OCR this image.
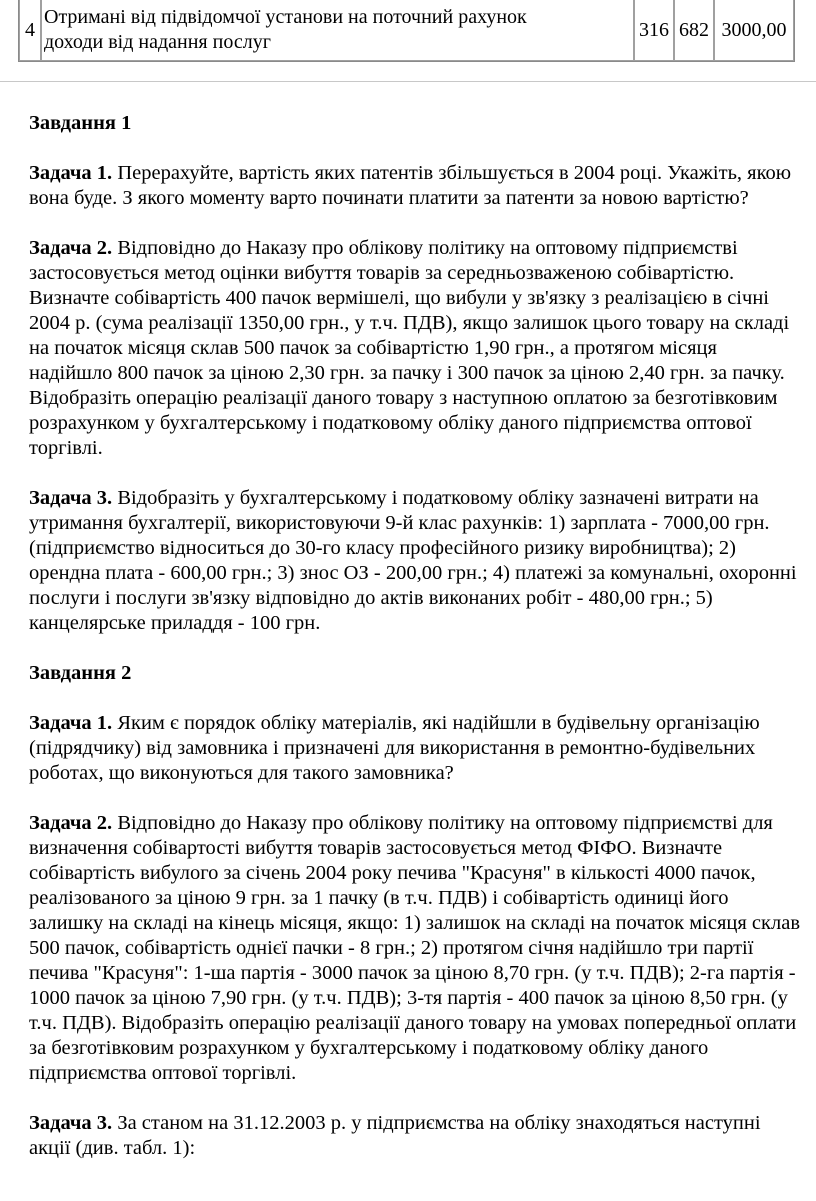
4	Отримані від підвідомчої установи на поточний рахунок
доходи від надання послуг	316	682	3000,00

Завдання 1

Задача 1. Перерахуйте, вартість яких патентів збільшується в 2004 році. Укажіть, якою вона буде. З якого моменту варто починати платити за патенти за новою вартістю?

Задача 2. Відповідно до Наказу про облікову політику на оптовому підприємстві застосовується метод оцінки вибуття товарів за середньозваженою собівартістю. Визначте собівартість 400 пачок вермішелі, що вибули у зв'язку з реалізацією в січні 2004 р. (сума реалізації 1350,00 грн., у т.ч. ПДВ), якщо залишок цього товару на складі на початок місяця склав 500 пачок за собівартістю 1,90 грн., а протягом місяця надійшло 800 пачок за ціною 2,30 грн. за пачку і 300 пачок за ціною 2,40 грн. за пачку. Відобразіть операцію реалізації даного товару з наступною оплатою за безготівковим розрахунком у бухгалтерському і податковому обліку даного підприємства оптової торгівлі.

Задача 3. Відобразіть у бухгалтерському і податковому обліку зазначені витрати на утримання бухгалтерії, використовуючи 9-й клас рахунків: 1) зарплата - 7000,00 грн. (підприємство відноситься до 30-го класу професійного ризику виробництва); 2) орендна плата - 600,00 грн.; 3) знос ОЗ - 200,00 грн.; 4) платежі за комунальні, охоронні послуги і послуги зв'язку відповідно до актів виконаних робіт - 480,00 грн.; 5) канцелярське приладдя - 100 грн.

Завдання 2

Задача 1. Яким є порядок обліку матеріалів, які надійшли в будівельну організацію (підрядчику) від замовника і призначені для використання в ремонтно-будівельних роботах, що виконуються для такого замовника?

Задача 2. Відповідно до Наказу про облікову політику на оптовому підприємстві для визначення собівартості вибуття товарів застосовується метод ФІФО. Визначте собівартість вибулого за січень 2004 року печива "Красуня" в кількості 4000 пачок, реалізованого за ціною 9 грн. за 1 пачку (в т.ч. ПДВ) і собівартість одиниці його залишку на складі на кінець місяця, якщо: 1) залишок на складі на початок місяця склав 500 пачок, собівартість однієї пачки - 8 грн.; 2) протягом січня надійшло три партії печива "Красуня": 1-ша партія - 3000 пачок за ціною 8,70 грн. (у т.ч. ПДВ); 2-га партія - 1000 пачок за ціною 7,90 грн. (у т.ч. ПДВ); 3-тя партія - 400 пачок за ціною 8,50 грн. (у т.ч. ПДВ). Відобразіть операцію реалізації даного товару на умовах попередньої оплати за безготівковим розрахунком у бухгалтерському і податковому обліку даного підприємства оптової торгівлі.

Задача 3. За станом на 31.12.2003 р. у підприємства на обліку знаходяться наступні акції (див. табл. 1):
